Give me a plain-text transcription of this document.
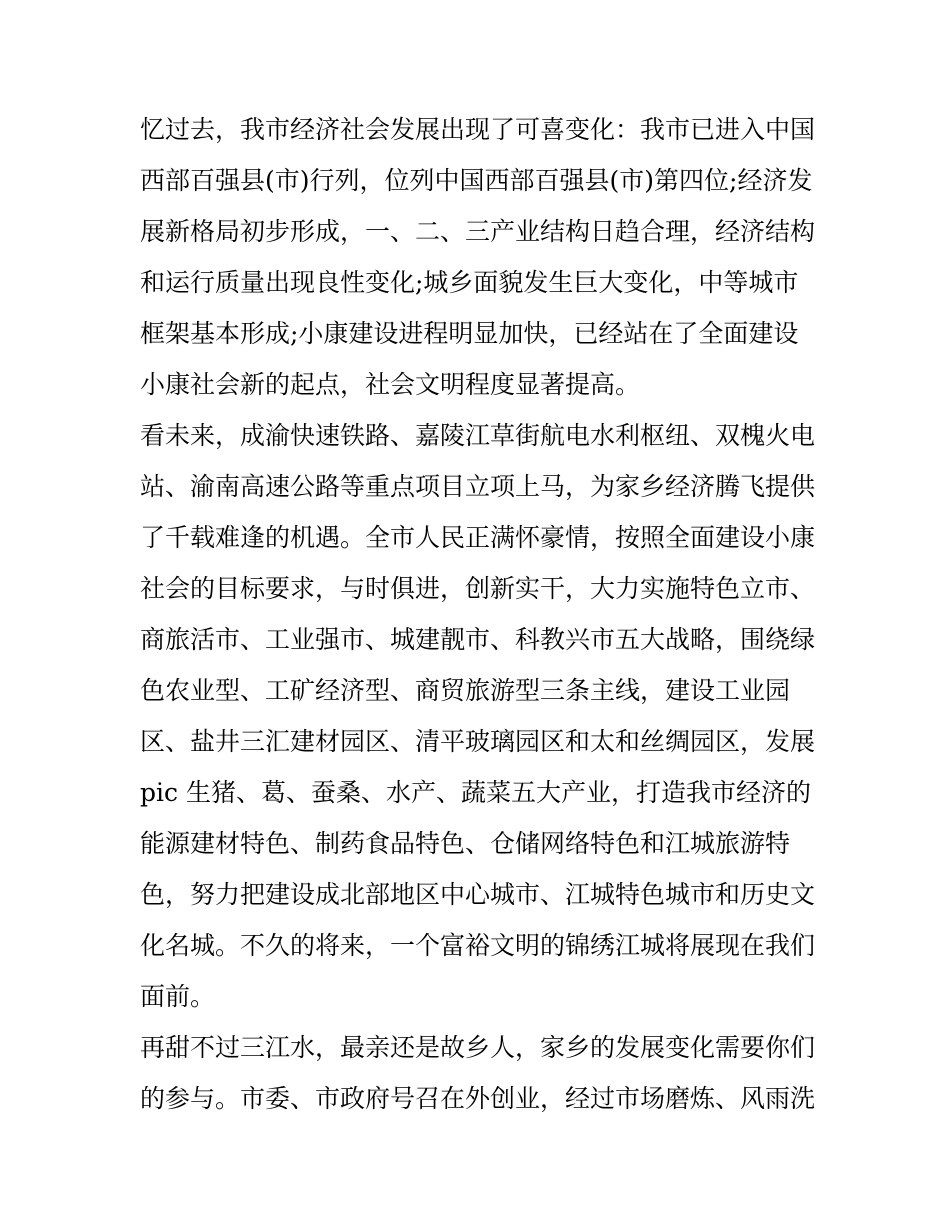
忆过去，我市经济社会发展出现了可喜变化：我市已进入中国
西部百强县(市)行列，位列中国西部百强县(市)第四位;经济发
展新格局初步形成，一、二、三产业结构日趋合理，经济结构
和运行质量出现良性变化;城乡面貌发生巨大变化，中等城市
框架基本形成;小康建设进程明显加快，已经站在了全面建设
小康社会新的起点，社会文明程度显著提高。

看未来，成渝快速铁路、嘉陵江草街航电水利枢纽、双槐火电
站、渝南高速公路等重点项目立项上马，为家乡经济腾飞提供
了千载难逢的机遇。全市人民正满怀豪情，按照全面建设小康
社会的目标要求，与时俱进，创新实干，大力实施特色立市、
商旅活市、工业强市、城建靓市、科教兴市五大战略，围绕绿
色农业型、工矿经济型、商贸旅游型三条主线，建设工业园
区、盐井三汇建材园区、清平玻璃园区和太和丝绸园区，发展
pic 生猪、葛、蚕桑、水产、蔬菜五大产业，打造我市经济的
能源建材特色、制药食品特色、仓储网络特色和江城旅游特
色，努力把建设成北部地区中心城市、江城特色城市和历史文
化名城。不久的将来，一个富裕文明的锦绣江城将展现在我们
面前。

再甜不过三江水，最亲还是故乡人，家乡的发展变化需要你们
的参与。市委、市政府号召在外创业，经过市场磨炼、风雨洗
